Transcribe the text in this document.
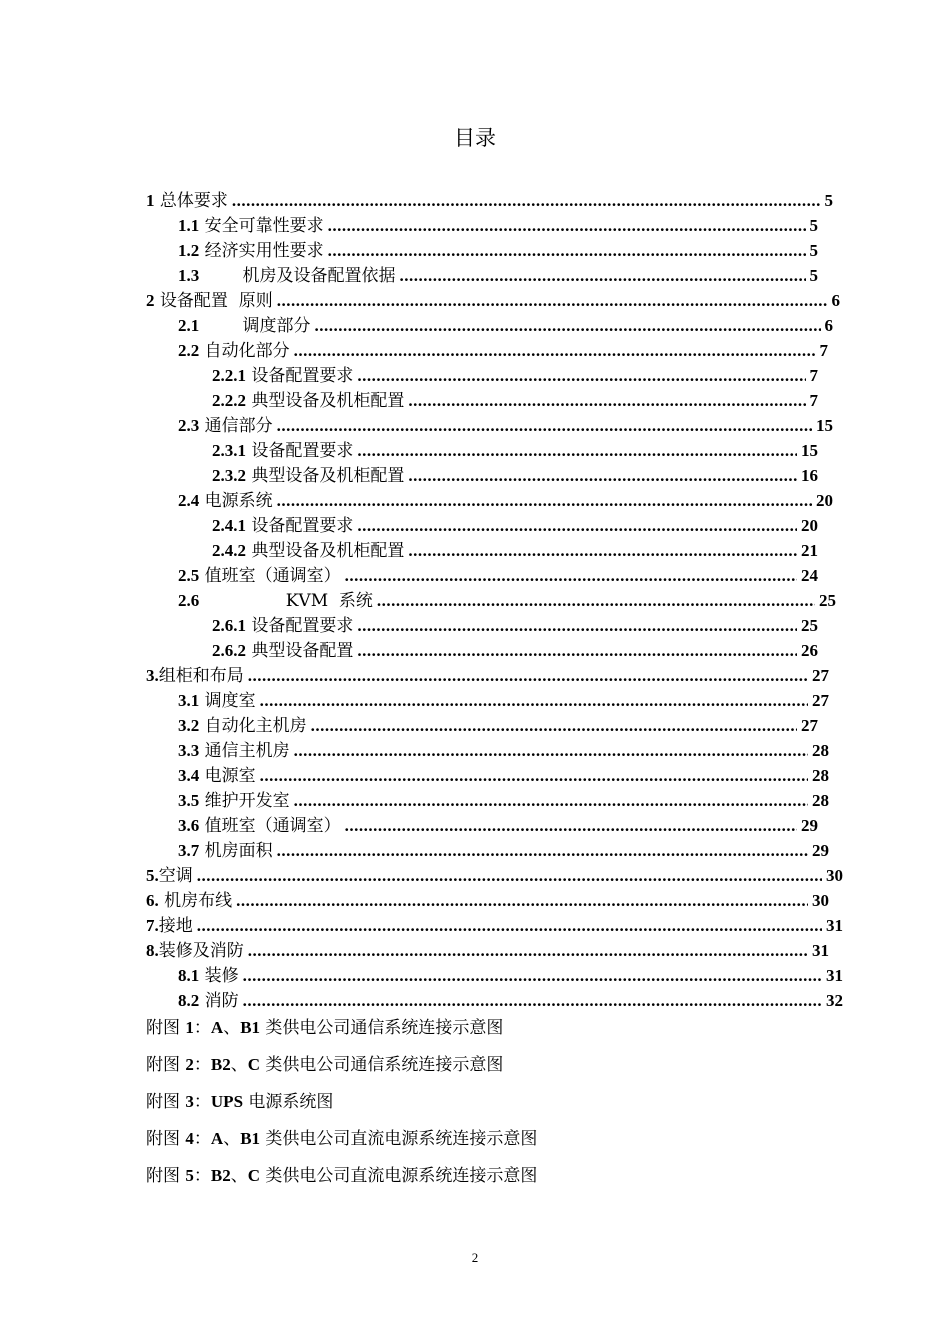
目录
1 总体要求 .....	5
1.1 安全可靠性要求 .....	5
1.2 经济实用性要求 .....	5
1.3 机房及设备配置依据 .....	5
2 设备配置  原则 .....	6
2.1 调度部分 .....	6
2.2 自动化部分 .....	7
2.2.1 设备配置要求 .....	7
2.2.2 典型设备及机柜配置 .....	7
2.3 通信部分 .....	15
2.3.1 设备配置要求 .....	15
2.3.2 典型设备及机柜配置 .....	16
2.4 电源系统 .....	20
2.4.1 设备配置要求 .....	20
2.4.2 典型设备及机柜配置 .....	21
2.5 值班室（通调室） .....	24
2.6 KVM  系统 .....	25
2.6.1 设备配置要求 .....	25
2.6.2 典型设备配置 .....	26
3. 组柜和布局 .....	27
3.1 调度室 .....	27
3.2 自动化主机房 .....	27
3.3 通信主机房 .....	28
3.4 电源室 .....	28
3.5 维护开发室 .....	28
3.6 值班室（通调室） .....	29
3.7 机房面积 .....	29
5. 空调 .....	30
6. 机房布线 .....	30
7. 接地 .....	31
8. 装修及消防 .....	31
8.1 装修 .....	31
8.2 消防 .....	32
附图 1：A、B1 类供电公司通信系统连接示意图
附图 2：B2、C 类供电公司通信系统连接示意图
附图 3：UPS 电源系统图
附图 4：A、B1 类供电公司直流电源系统连接示意图
附图 5：B2、C 类供电公司直流电源系统连接示意图
2
